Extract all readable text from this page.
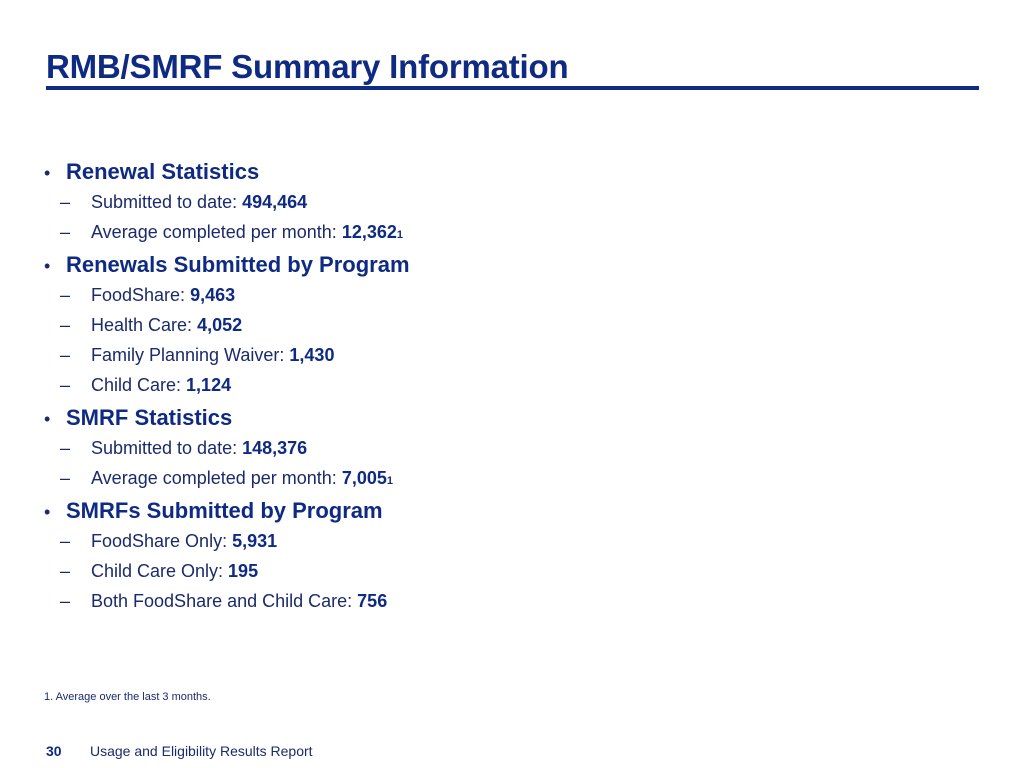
RMB/SMRF Summary Information
• Renewal Statistics
–	Submitted to date: 494,464
–	Average completed per month: 12,362 1
• Renewals Submitted by Program
–	FoodShare: 9,463
–	Health Care: 4,052
–	Family Planning Waiver: 1,430
–	Child Care: 1,124
• SMRF Statistics
–	Submitted to date: 148,376
–	Average completed per month: 7,005 1
• SMRFs Submitted by Program
–	FoodShare Only: 5,931
–	Child Care Only: 195
–	Both FoodShare and Child Care: 756
1. Average over the last 3 months.
30	Usage and Eligibility Results Report
